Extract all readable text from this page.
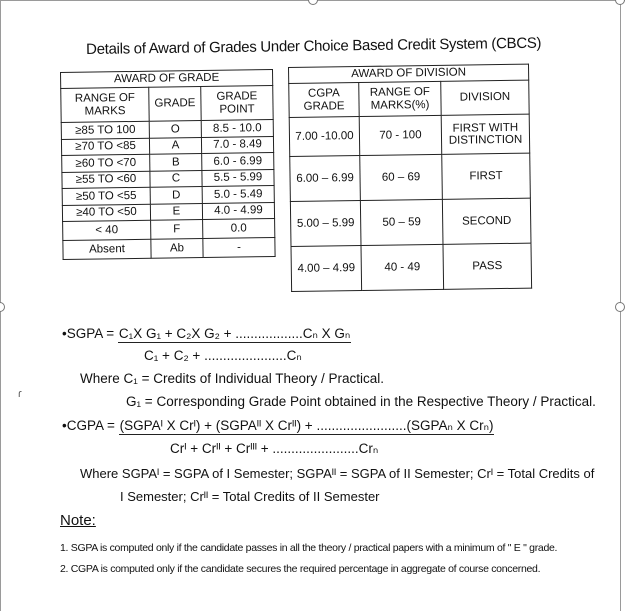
Details of Award of Grades Under Choice Based Credit System (CBCS)
AWARD OF GRADE		
RANGE OF MARKS	GRADE	GRADE POINT
≥85 TO 100	O	8.5 - 10.0
≥70 TO <85	A	7.0 - 8.49
≥60 TO <70	B	6.0 - 6.99
≥55 TO <60	C	5.5 - 5.99
≥50 TO <55	D	5.0 - 5.49
≥40 TO <50	E	4.0 - 4.99
< 40	F	0.0
Absent	Ab	-
AWARD OF DIVISION		
CGPA GRADE	RANGE OF MARKS(%)	DIVISION
7.00 -10.00	70 - 100	FIRST WITH DISTINCTION
6.00 – 6.99	60 – 69	FIRST
5.00 – 5.99	50 – 59	SECOND
4.00 – 4.99	40 - 49	PASS
ɾ
•SGPA = C₁X G₁ + C₂X G₂ + ..................Cₙ X Gₙ
C₁ + C₂ + ......................Cₙ
Where C₁ = Credits of Individual Theory / Practical.
G₁ = Corresponding Grade Point obtained in the Respective Theory / Practical.
•CGPA = (SGPAᴵ X Crᴵ) + (SGPAᴵᴵ X Crᴵᴵ) + ........................(SGPAₙ X Crₙ)
Crᴵ + Crᴵᴵ + Crᴵᴵᴵ + .......................Crₙ
Where SGPAᴵ = SGPA of I Semester; SGPAᴵᴵ = SGPA of II Semester; Crᴵ = Total Credits of
I Semester; Crᴵᴵ = Total Credits of II Semester
Note:
1. SGPA is computed only if the candidate passes in all the theory / practical papers with a minimum of " E " grade.
2. CGPA is computed only if the candidate secures the required percentage in aggregate of course concerned.
